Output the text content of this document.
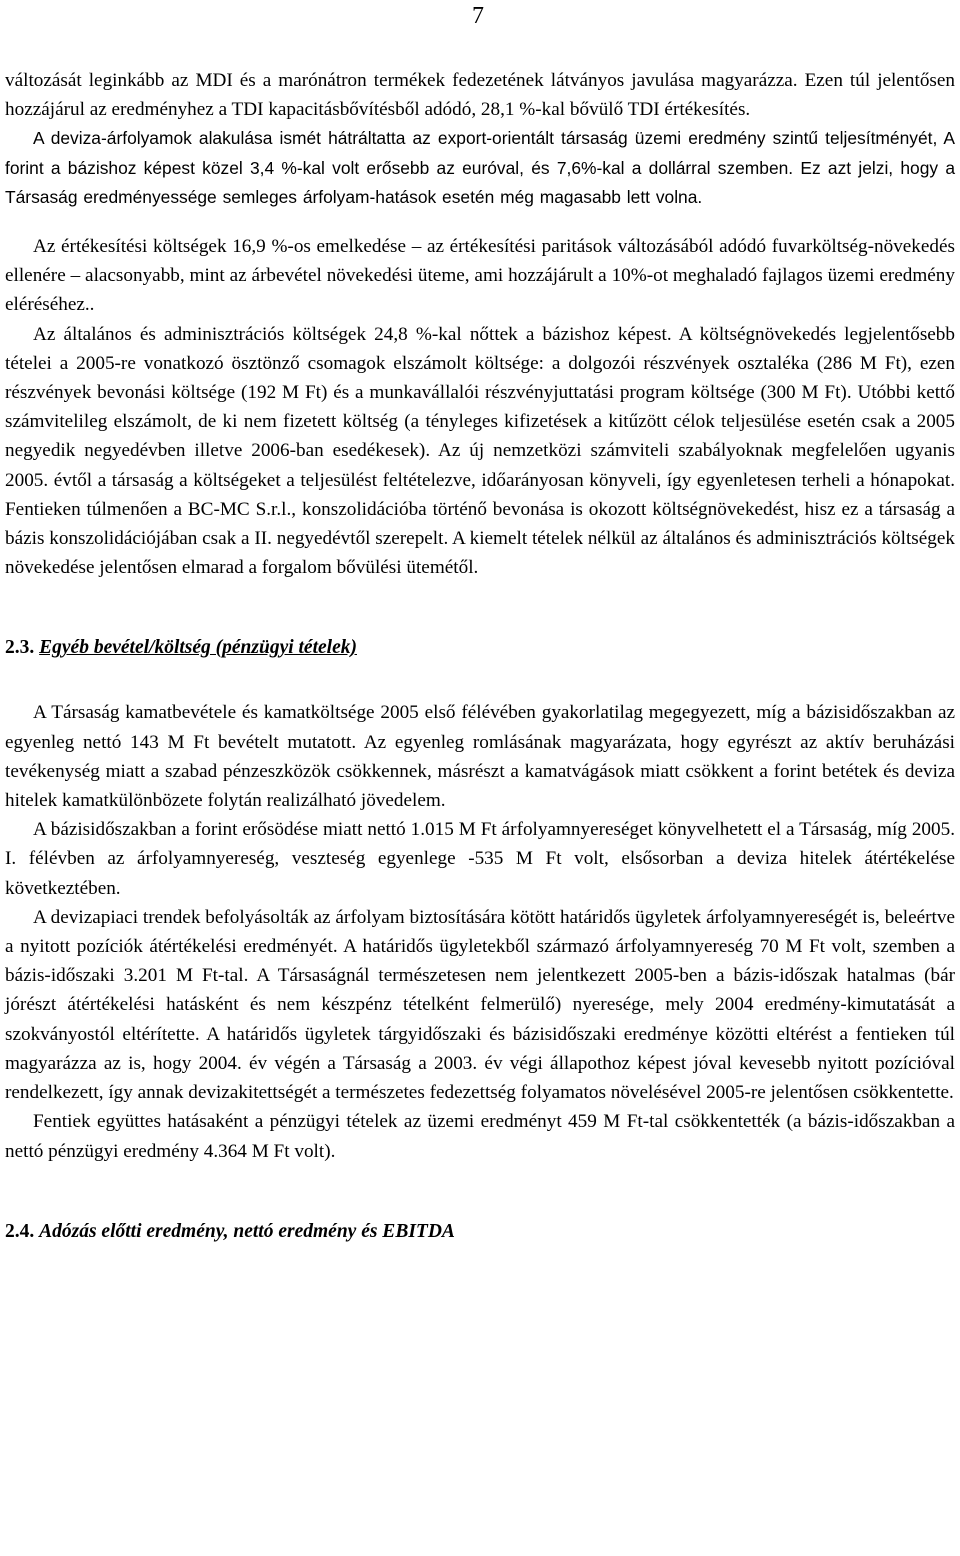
7

változását leginkább az MDI és a marónátron termékek fedezetének látványos javulása magyarázza. Ezen túl jelentősen hozzájárul az eredményhez a TDI kapacitásbővítésből adódó, 28,1 %-kal bővülő TDI értékesítés.

A deviza-árfolyamok alakulása ismét hátráltatta az export-orientált társaság üzemi eredmény szintű teljesítményét, A forint a bázishoz képest közel 3,4 %-kal volt erősebb az euróval, és 7,6%-kal a dollárral szemben. Ez azt jelzi, hogy a Társaság eredményessége semleges árfolyam-hatások esetén még magasabb lett volna.

Az értékesítési költségek 16,9 %-os emelkedése – az értékesítési paritások változásából adódó fuvarköltség-növekedés ellenére – alacsonyabb, mint az árbevétel növekedési üteme, ami hozzájárult a 10%-ot meghaladó fajlagos üzemi eredmény eléréséhez..

Az általános és adminisztrációs költségek 24,8 %-kal nőttek a bázishoz képest. A költségnövekedés legjelentősebb tételei a 2005-re vonatkozó ösztönző csomagok elszámolt költsége: a dolgozói részvények osztaléka (286 M Ft), ezen részvények bevonási költsége (192 M Ft) és a munkavállalói részvényjuttatási program költsége (300 M Ft). Utóbbi kettő számvitelileg elszámolt, de ki nem fizetett költség (a tényleges kifizetések a kitűzött célok teljesülése esetén csak a 2005 negyedik negyedévben illetve 2006-ban esedékesek). Az új nemzetközi számviteli szabályoknak megfelelően ugyanis 2005. évtől a társaság a költségeket a teljesülést feltételezve, időarányosan könyveli, így egyenletesen terheli a hónapokat. Fentieken túlmenően a BC-MC S.r.l., konszolidációba történő bevonása is okozott költségnövekedést, hisz ez a társaság a bázis konszolidációjában csak a II. negyedévtől szerepelt. A kiemelt tételek nélkül az általános és adminisztrációs költségek növekedése jelentősen elmarad a forgalom bővülési ütemétől.

2.3. Egyéb bevétel/költség (pénzügyi tételek)

A Társaság kamatbevétele és kamatköltsége 2005 első félévében gyakorlatilag megegyezett, míg a bázisidőszakban az egyenleg nettó 143 M Ft bevételt mutatott. Az egyenleg romlásának magyarázata, hogy egyrészt az aktív beruházási tevékenység miatt a szabad pénzeszközök csökkennek, másrészt a kamatvágások miatt csökkent a forint betétek és deviza hitelek kamatkülönbözete folytán realizálható jövedelem.

A bázisidőszakban a forint erősödése miatt nettó 1.015 M Ft árfolyamnyereséget könyvelhetett el a Társaság, míg 2005. I. félévben az árfolyamnyereség, veszteség egyenlege -535 M Ft volt, elsősorban a deviza hitelek átértékelése következtében.

A devizapiaci trendek befolyásolták az árfolyam biztosítására kötött határidős ügyletek árfolyamnyereségét is, beleértve a nyitott pozíciók átértékelési eredményét. A határidős ügyletekből származó árfolyamnyereség 70 M Ft volt, szemben a bázis-időszaki 3.201 M Ft-tal. A Társaságnál természetesen nem jelentkezett 2005-ben a bázis-időszak hatalmas (bár jórészt átértékelési hatásként és nem készpénz tételként felmerülő) nyeresége, mely 2004 eredmény-kimutatását a szokványostól eltérítette. A határidős ügyletek tárgyidőszaki és bázisidőszaki eredménye közötti eltérést a fentieken túl magyarázza az is, hogy 2004. év végén a Társaság a 2003. év végi állapothoz képest jóval kevesebb nyitott pozícióval rendelkezett, így annak devizakitettségét a természetes fedezettség folyamatos növelésével 2005-re jelentősen csökkentette.

Fentiek együttes hatásaként a pénzügyi tételek az üzemi eredményt 459 M Ft-tal csökkentették (a bázis-időszakban a nettó pénzügyi eredmény 4.364 M Ft volt).

2.4. Adózás előtti eredmény, nettó eredmény és EBITDA
